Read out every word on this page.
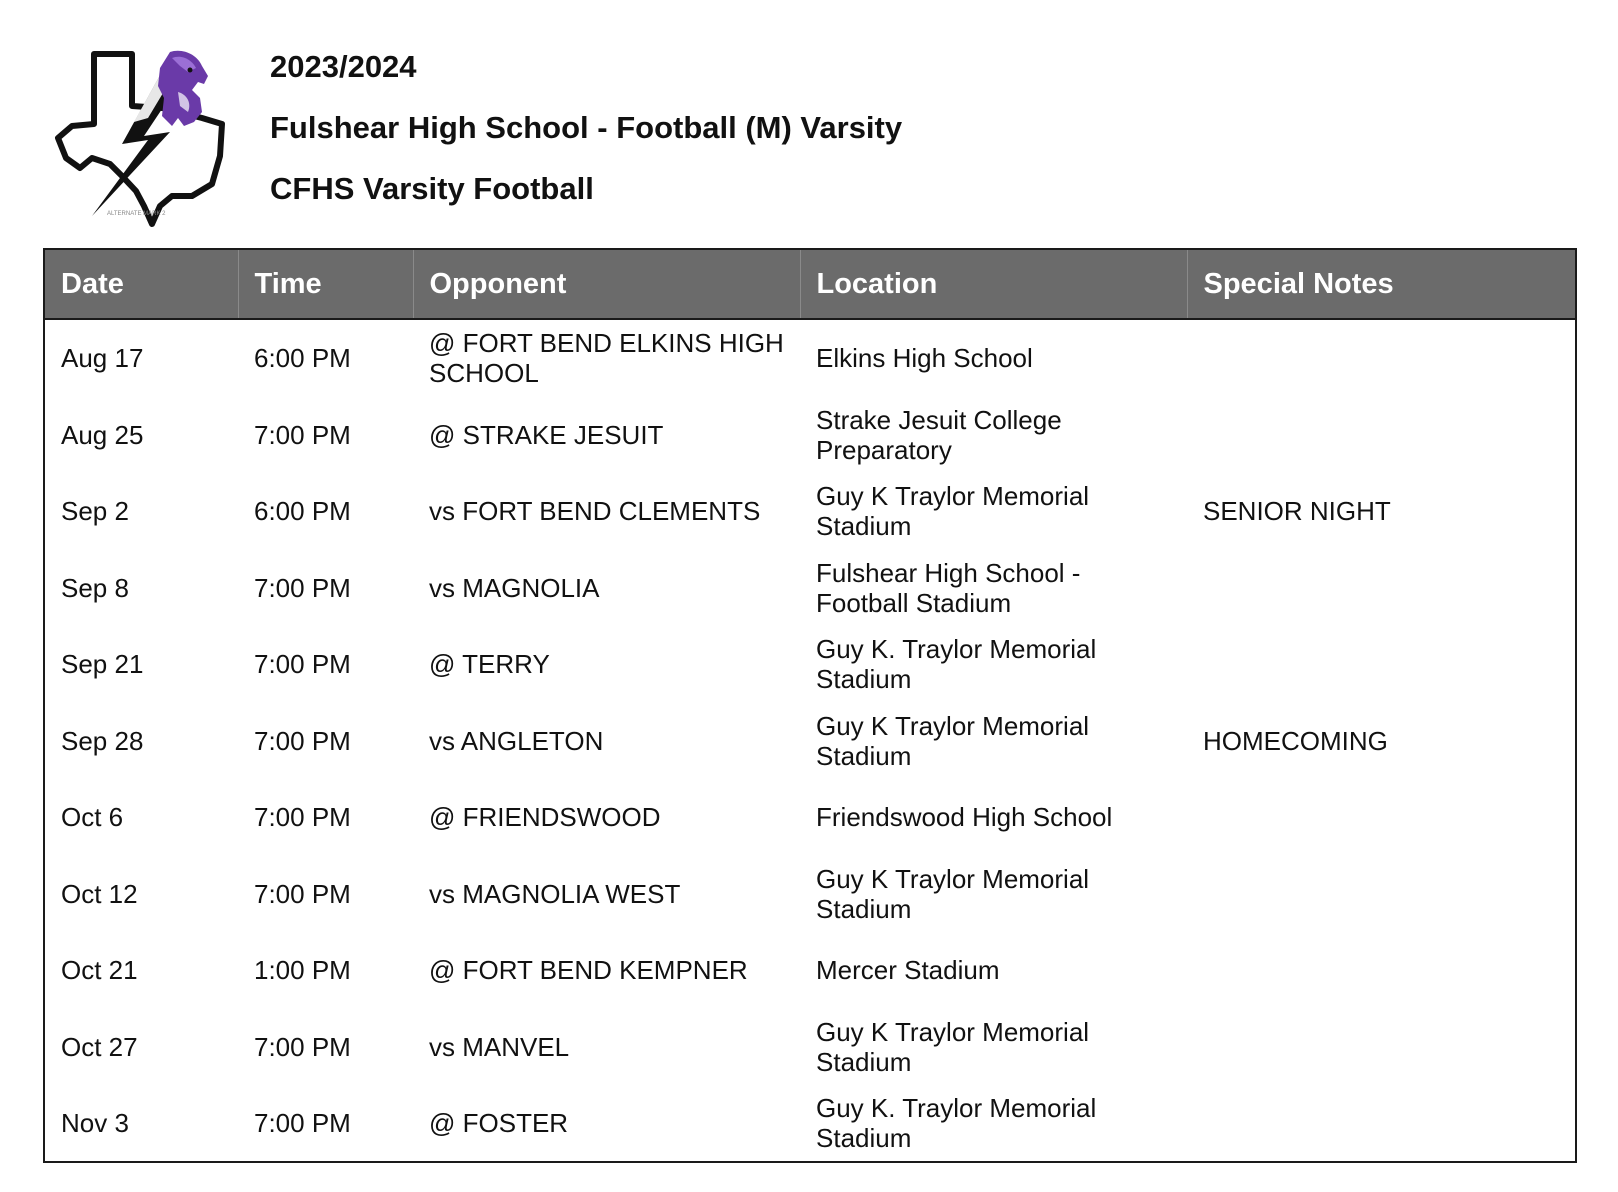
ALTERNATE MARK 2
2023/2024
Fulshear High School - Football (M) Varsity
CFHS Varsity Football
Date	Time	Opponent	Location	Special Notes
Aug 17	6:00 PM	@ FORT BEND ELKINS HIGH SCHOOL	Elkins High School	
Aug 25	7:00 PM	@ STRAKE JESUIT	Strake Jesuit College Preparatory	
Sep 2	6:00 PM	vs FORT BEND CLEMENTS	Guy K Traylor Memorial Stadium	SENIOR NIGHT
Sep 8	7:00 PM	vs MAGNOLIA	Fulshear High School - Football Stadium	
Sep 21	7:00 PM	@ TERRY	Guy K. Traylor Memorial Stadium	
Sep 28	7:00 PM	vs ANGLETON	Guy K Traylor Memorial Stadium	HOMECOMING
Oct 6	7:00 PM	@ FRIENDSWOOD	Friendswood High School	
Oct 12	7:00 PM	vs MAGNOLIA WEST	Guy K Traylor Memorial Stadium	
Oct 21	1:00 PM	@ FORT BEND KEMPNER	Mercer Stadium	
Oct 27	7:00 PM	vs MANVEL	Guy K Traylor Memorial Stadium	
Nov 3	7:00 PM	@ FOSTER	Guy K. Traylor Memorial Stadium	
